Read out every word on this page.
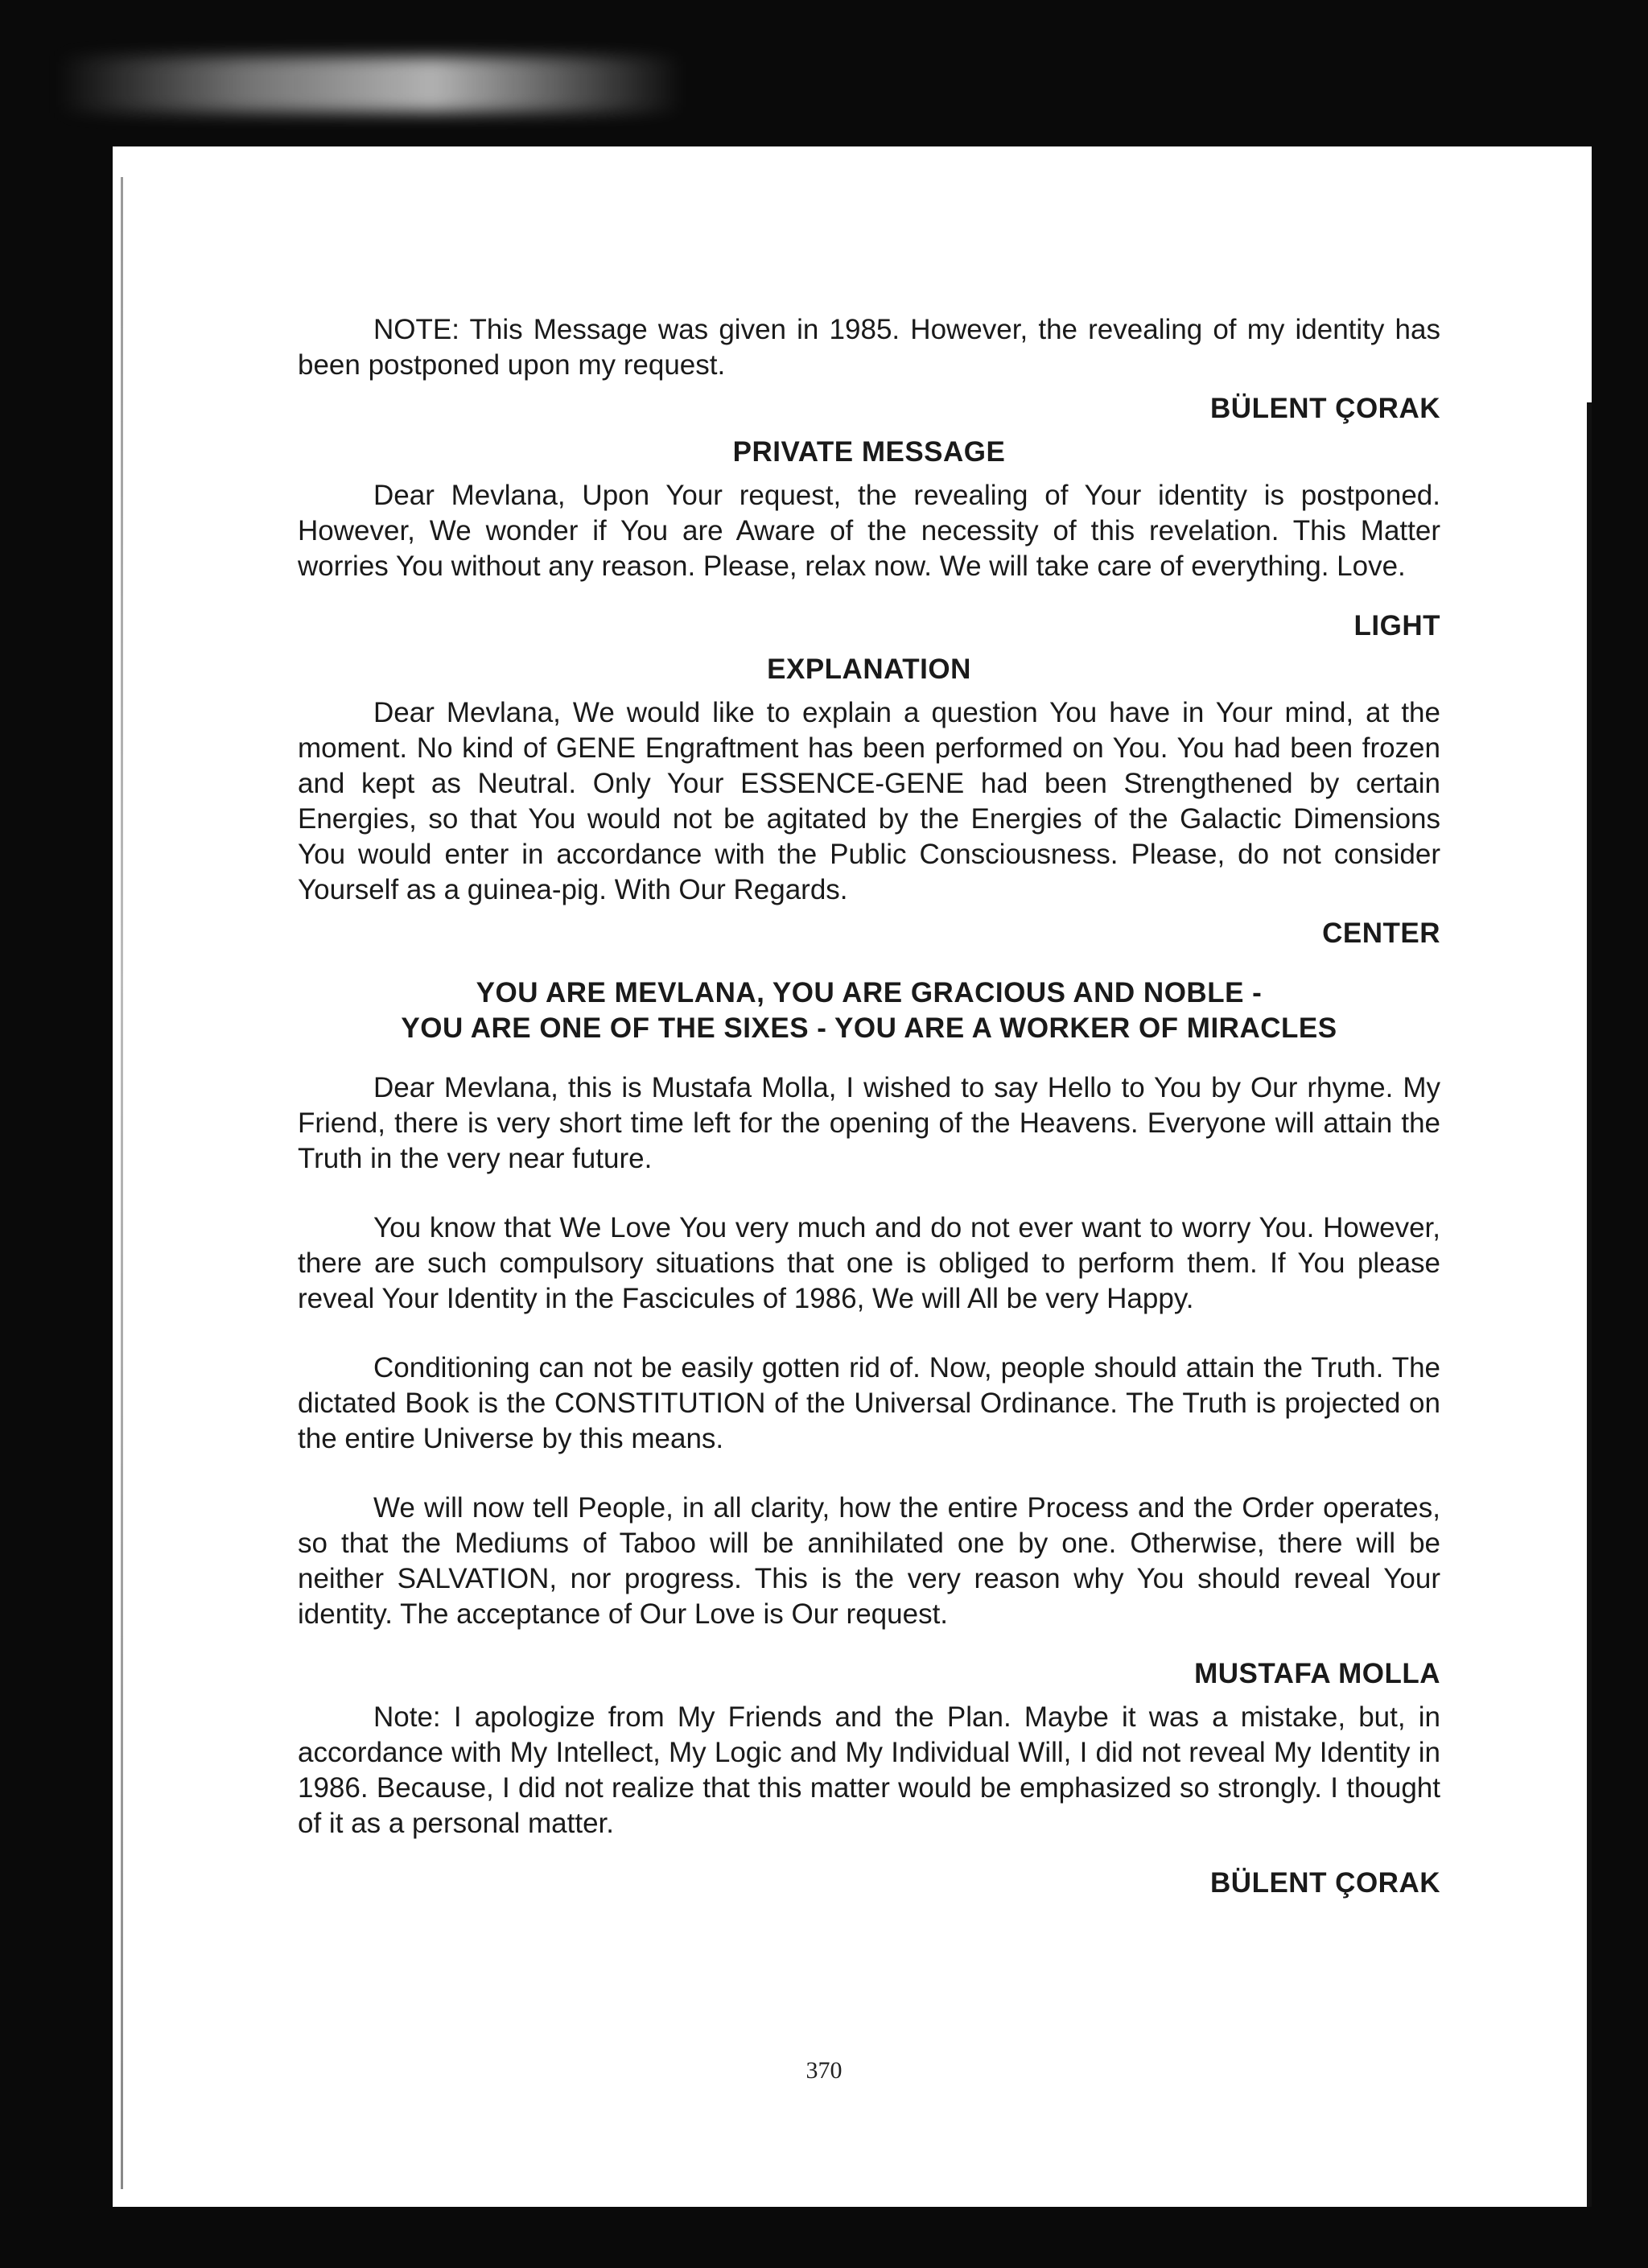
NOTE: This Message was given in 1985. However, the revealing of my identity has been postponed upon my request.

BÜLENT ÇORAK
PRIVATE MESSAGE

Dear Mevlana, Upon Your request, the revealing of Your identity is postponed. However, We wonder if You are Aware of the necessity of this revelation. This Matter worries You without any reason. Please, relax now. We will take care of everything. Love.

LIGHT
EXPLANATION

Dear Mevlana, We would like to explain a question You have in Your mind, at the moment. No kind of GENE Engraftment has been performed on You. You had been frozen and kept as Neutral. Only Your ESSENCE-GENE had been Strengthened by certain Energies, so that You would not be agitated by the Energies of the Galactic Dimensions You would enter in accordance with the Public Consciousness. Please, do not consider Yourself as a guinea-pig. With Our Regards.

CENTER
YOU ARE MEVLANA, YOU ARE GRACIOUS AND NOBLE -
YOU ARE ONE OF THE SIXES - YOU ARE A WORKER OF MIRACLES

Dear Mevlana, this is Mustafa Molla, I wished to say Hello to You by Our rhyme. My Friend, there is very short time left for the opening of the Heavens. Everyone will attain the Truth in the very near future.

You know that We Love You very much and do not ever want to worry You. However, there are such compulsory situations that one is obliged to perform them. If You please reveal Your Identity in the Fascicules of 1986, We will All be very Happy.

Conditioning can not be easily gotten rid of. Now, people should attain the Truth. The dictated Book is the CONSTITUTION of the Universal Ordinance. The Truth is projected on the entire Universe by this means.

We will now tell People, in all clarity, how the entire Process and the Order operates, so that the Mediums of Taboo will be annihilated one by one. Otherwise, there will be neither SALVATION, nor progress. This is the very reason why You should reveal Your identity. The acceptance of Our Love is Our request.

MUSTAFA MOLLA

Note: I apologize from My Friends and the Plan. Maybe it was a mistake, but, in accordance with My Intellect, My Logic and My Individual Will, I did not reveal My Identity in 1986. Because, I did not realize that this matter would be emphasized so strongly. I thought of it as a personal matter.

BÜLENT ÇORAK
370
